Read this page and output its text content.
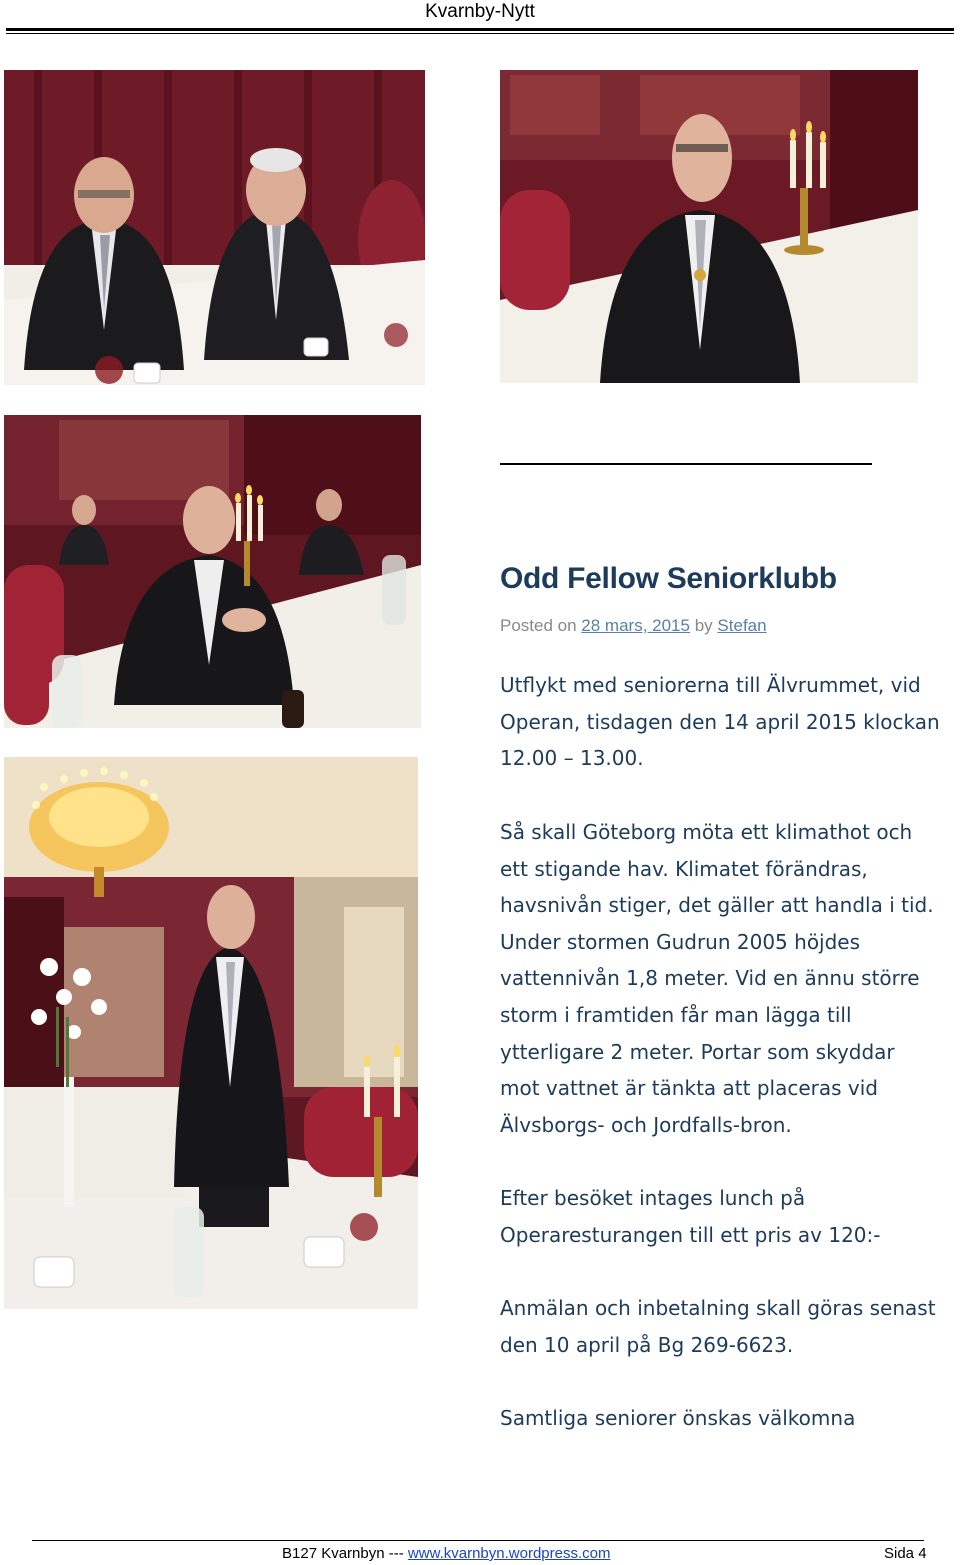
Kvarnby-Nytt
Odd Fellow Seniorklubb
Posted on 28 mars, 2015 by Stefan

Utflykt med seniorerna till Älvrummet, vid Operan, tisdagen den 14 april 2015 klockan 12.00 – 13.00.

Så skall Göteborg möta ett klimathot och ett stigande hav. Klimatet förändras, havsnivån stiger, det gäller att handla i tid. Under stormen Gudrun 2005 höjdes vattennivån 1,8 meter. Vid en ännu större storm i framtiden får man lägga till ytterligare 2 meter. Portar som skyddar mot vattnet är tänkta att placeras vid Älvsborgs- och Jordfalls-bron.

Efter besöket intages lunch på Operaresturangen till ett pris av 120:-

Anmälan och inbetalning skall göras senast den 10 april på Bg 269-6623.

Samtliga seniorer önskas välkomna

B127 Kvarnbyn --- www.kvarnbyn.wordpress.com	Sida 4
